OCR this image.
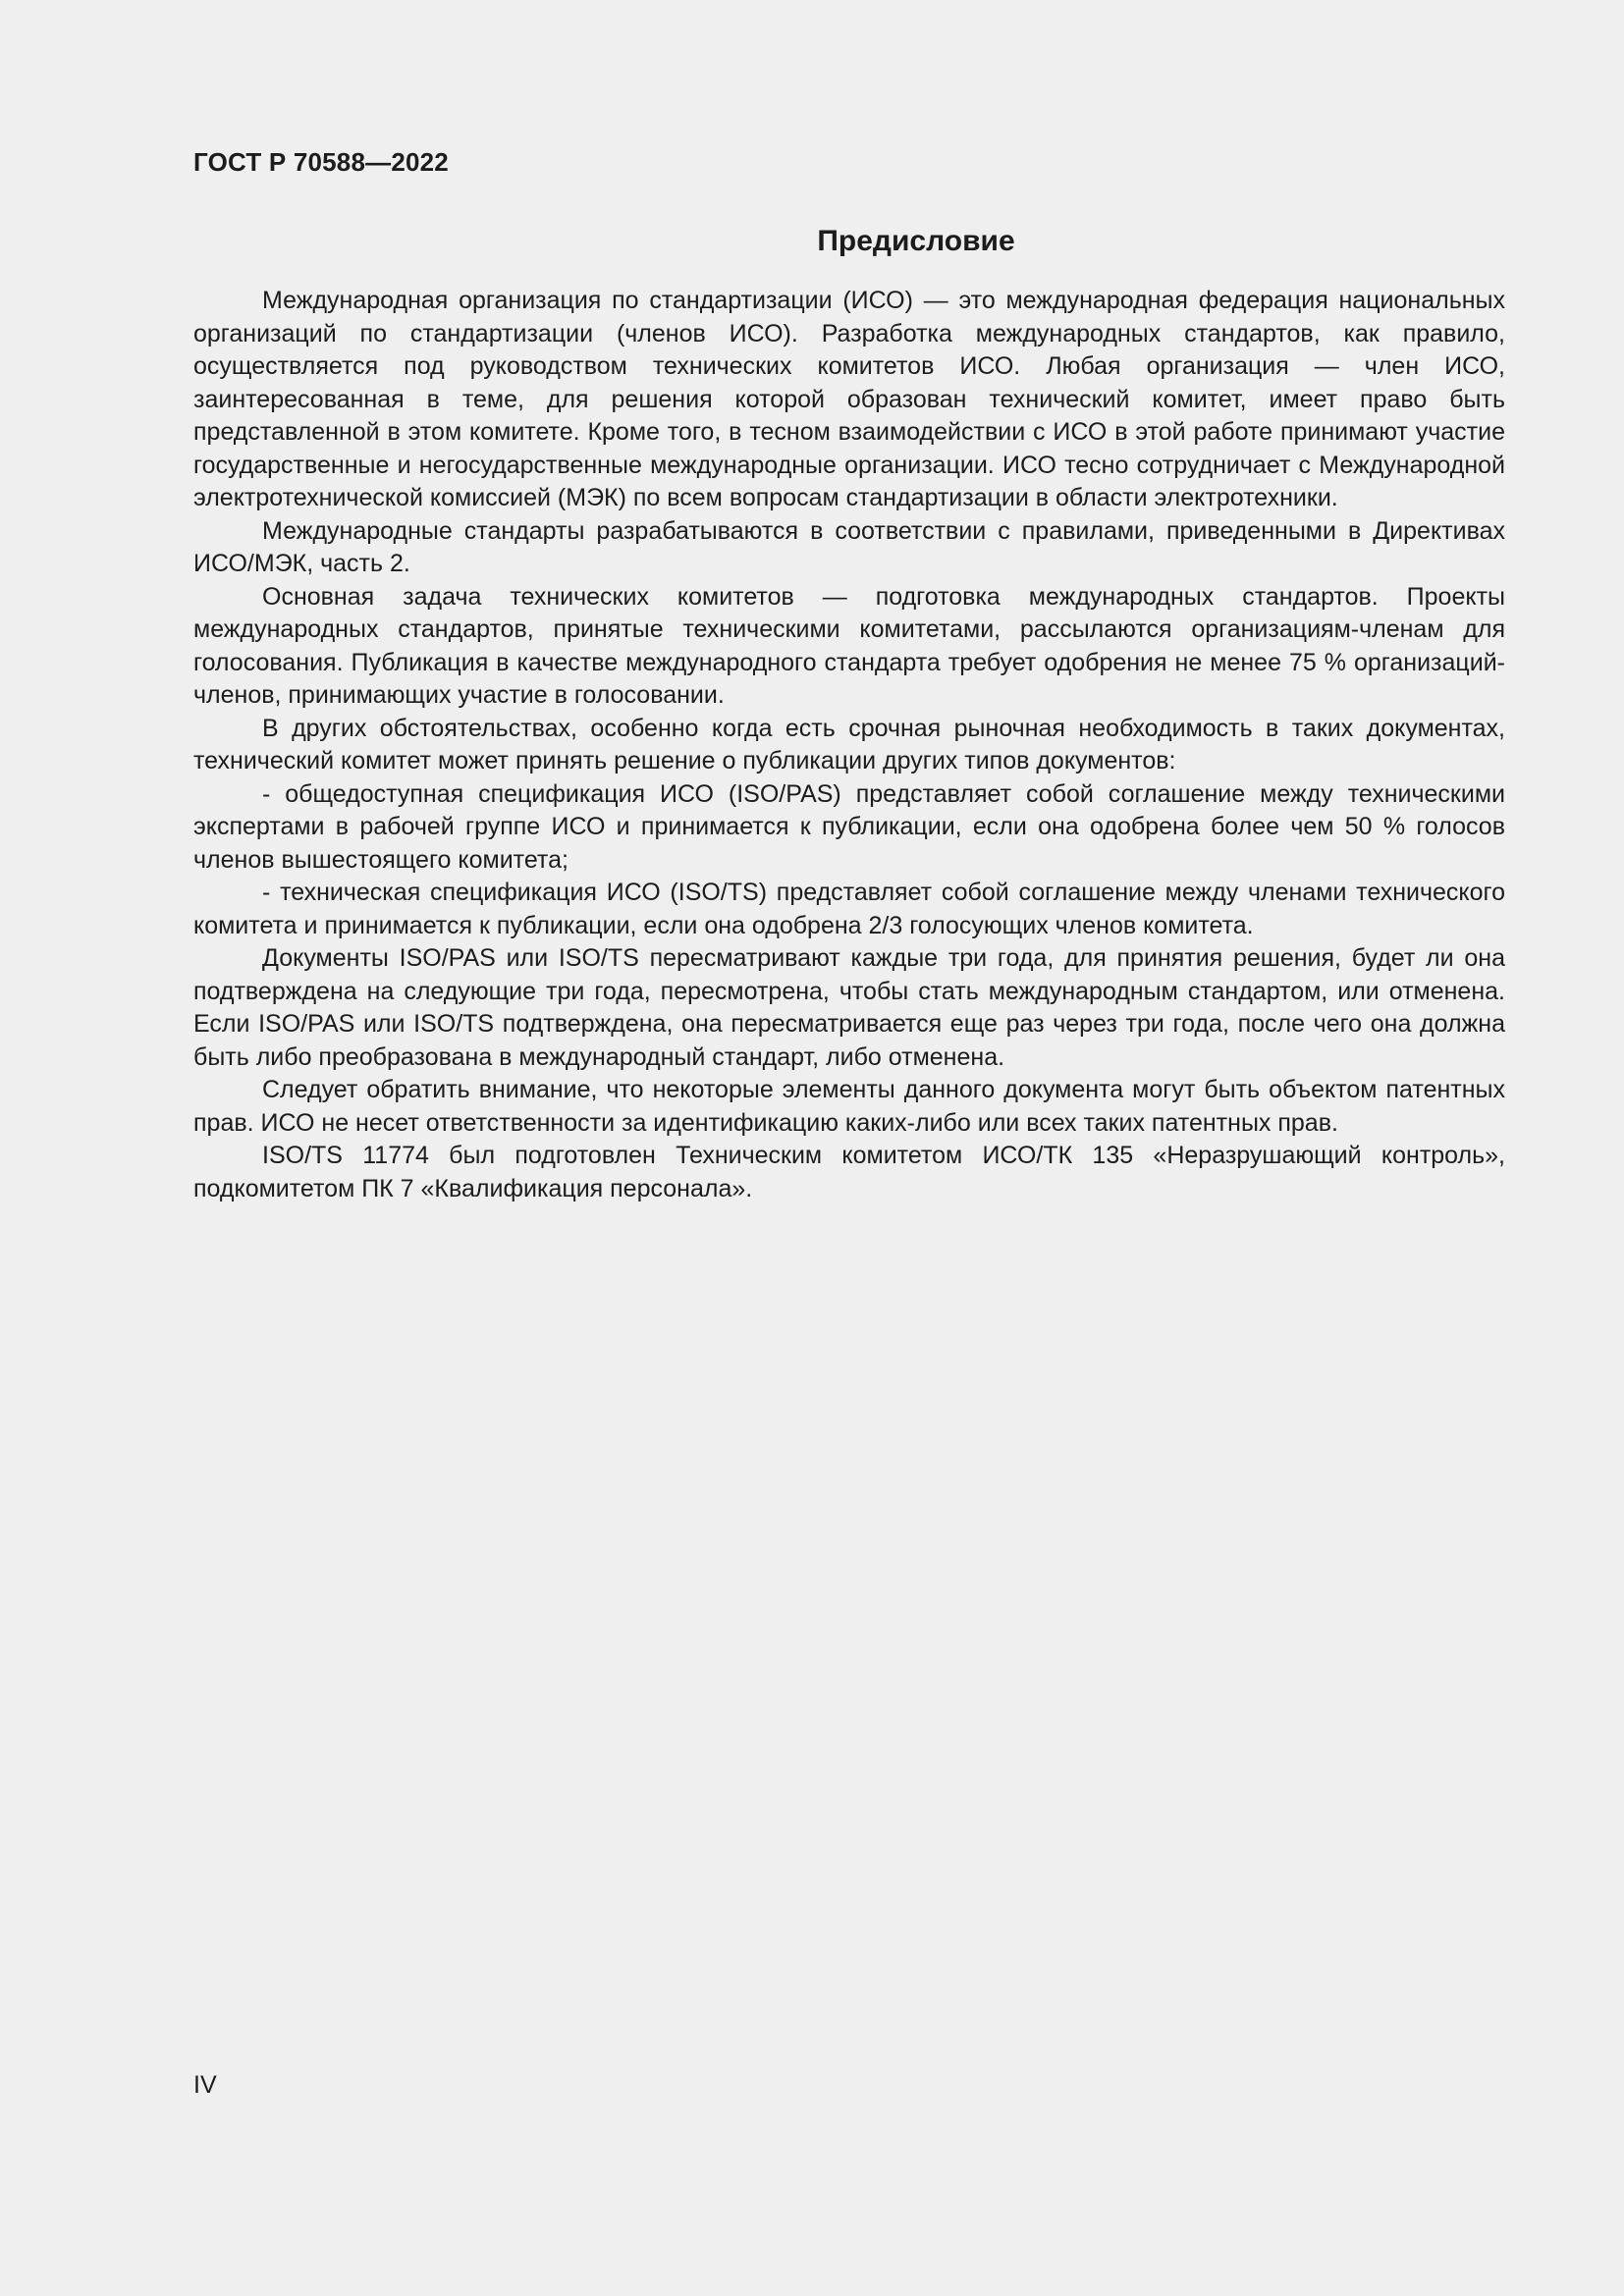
ГОСТ Р 70588—2022
Предисловие

Международная организация по стандартизации (ИСО) — это международная федерация национальных организаций по стандартизации (членов ИСО). Разработка международных стандартов, как правило, осуществляется под руководством технических комитетов ИСО. Любая организация — член ИСО, заинтересованная в теме, для решения которой образован технический комитет, имеет право быть представленной в этом комитете. Кроме того, в тесном взаимодействии с ИСО в этой работе принимают участие государственные и негосударственные международные организации. ИСО тесно сотрудничает с Международной электротехнической комиссией (МЭК) по всем вопросам стандартизации в области электротехники.

Международные стандарты разрабатываются в соответствии с правилами, приведенными в Директивах ИСО/МЭК, часть 2.

Основная задача технических комитетов — подготовка международных стандартов. Проекты международных стандартов, принятые техническими комитетами, рассылаются организациям-членам для голосования. Публикация в качестве международного стандарта требует одобрения не менее 75 % организаций-членов, принимающих участие в голосовании.

В других обстоятельствах, особенно когда есть срочная рыночная необходимость в таких документах, технический комитет может принять решение о публикации других типов документов:

- общедоступная спецификация ИСО (ISO/PAS) представляет собой соглашение между техническими экспертами в рабочей группе ИСО и принимается к публикации, если она одобрена более чем 50 % голосов членов вышестоящего комитета;

- техническая спецификация ИСО (ISO/TS) представляет собой соглашение между членами технического комитета и принимается к публикации, если она одобрена 2/3 голосующих членов комитета.

Документы ISO/PAS или ISO/TS пересматривают каждые три года, для принятия решения, будет ли она подтверждена на следующие три года, пересмотрена, чтобы стать международным стандартом, или отменена. Если ISO/PAS или ISO/TS подтверждена, она пересматривается еще раз через три года, после чего она должна быть либо преобразована в международный стандарт, либо отменена.

Следует обратить внимание, что некоторые элементы данного документа могут быть объектом патентных прав. ИСО не несет ответственности за идентификацию каких-либо или всех таких патентных прав.

ISO/TS 11774 был подготовлен Техническим комитетом ИСО/ТК 135 «Неразрушающий контроль», подкомитетом ПК 7 «Квалификация персонала».

IV
